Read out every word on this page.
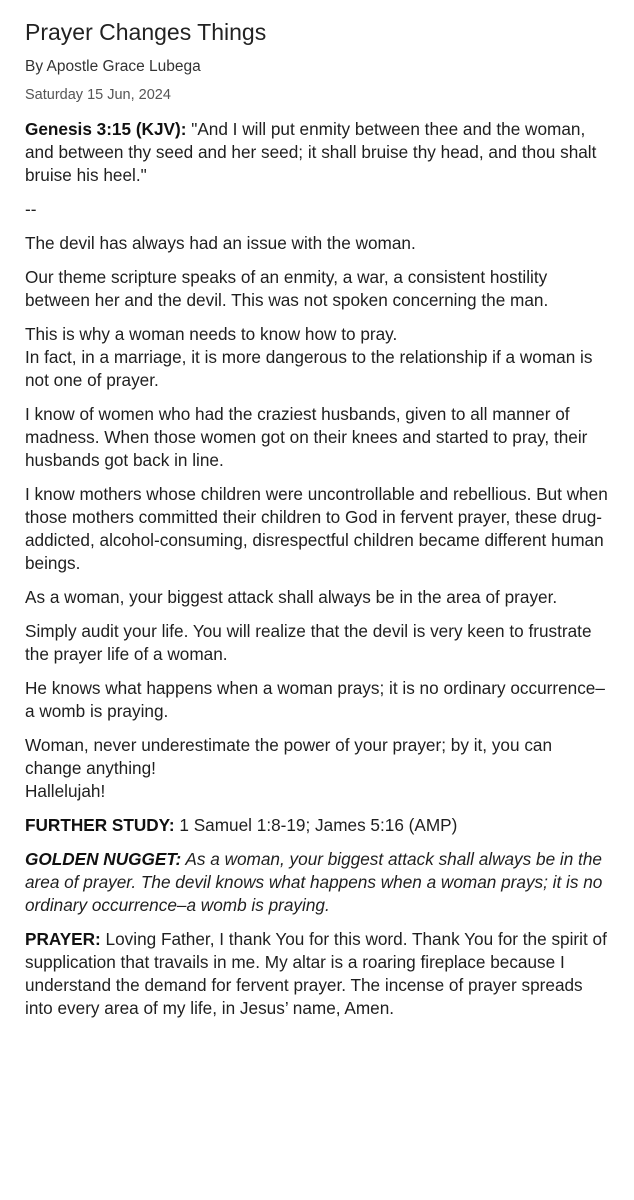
Prayer Changes Things

By Apostle Grace Lubega

Saturday 15 Jun, 2024

Genesis 3:15 (KJV): "And I will put enmity between thee and the woman, and between thy seed and her seed; it shall bruise thy head, and thou shalt bruise his heel."

--

The devil has always had an issue with the woman.

Our theme scripture speaks of an enmity, a war, a consistent hostility between her and the devil. This was not spoken concerning the man.

This is why a woman needs to know how to pray.
In fact, in a marriage, it is more dangerous to the relationship if a woman is not one of prayer.

I know of women who had the craziest husbands, given to all manner of madness. When those women got on their knees and started to pray, their husbands got back in line.

I know mothers whose children were uncontrollable and rebellious. But when those mothers committed their children to God in fervent prayer, these drug-addicted, alcohol-consuming, disrespectful children became different human beings.

As a woman, your biggest attack shall always be in the area of prayer.

Simply audit your life. You will realize that the devil is very keen to frustrate the prayer life of a woman.

He knows what happens when a woman prays; it is no ordinary occurrence–a womb is praying.

Woman, never underestimate the power of your prayer; by it, you can change anything!
Hallelujah!

FURTHER STUDY: 1 Samuel 1:8-19; James 5:16 (AMP)

GOLDEN NUGGET: As a woman, your biggest attack shall always be in the area of prayer. The devil knows what happens when a woman prays; it is no ordinary occurrence–a womb is praying.

PRAYER: Loving Father, I thank You for this word. Thank You for the spirit of supplication that travails in me. My altar is a roaring fireplace because I understand the demand for fervent prayer. The incense of prayer spreads into every area of my life, in Jesus’ name, Amen.
